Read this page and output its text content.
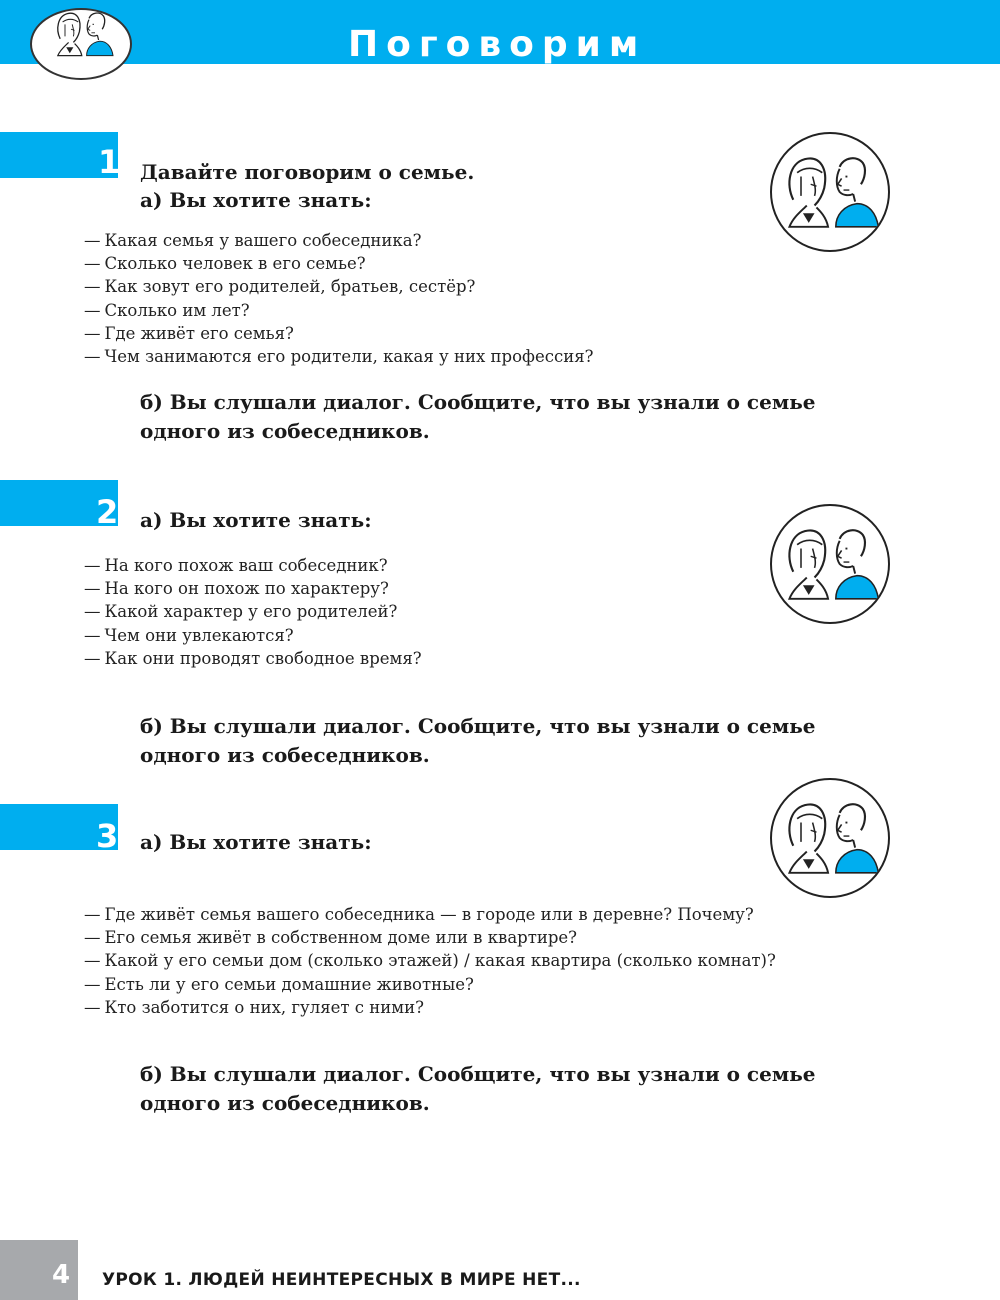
Поговорим
1 Давайте поговорим о семье.
а) Вы хотите знать:
— Какая семья у вашего собеседника?
— Сколько человек в его семье?
— Как зовут его родителей, братьев, сестёр?
— Сколько им лет?
— Где живёт его семья?
— Чем занимаются его родители, какая у них профессия?
б) Вы слушали диалог. Сообщите, что вы узнали о семье одного из собеседников.
2 а) Вы хотите знать:
— На кого похож ваш собеседник?
— На кого он похож по характеру?
— Какой характер у его родителей?
— Чем они увлекаются?
— Как они проводят свободное время?
б) Вы слушали диалог. Сообщите, что вы узнали о семье одного из собеседников.
3 а) Вы хотите знать:
— Где живёт семья вашего собеседника — в городе или в деревне? Почему?
— Его семья живёт в собственном доме или в квартире?
— Какой у его семьи дом (сколько этажей) / какая квартира (сколько комнат)?
— Есть ли у его семьи домашние животные?
— Кто заботится о них, гуляет с ними?
б) Вы слушали диалог. Сообщите, что вы узнали о семье одного из собеседников.
4 УРОК 1. ЛЮДЕЙ НЕИНТЕРЕСНЫХ В МИРЕ НЕТ...
